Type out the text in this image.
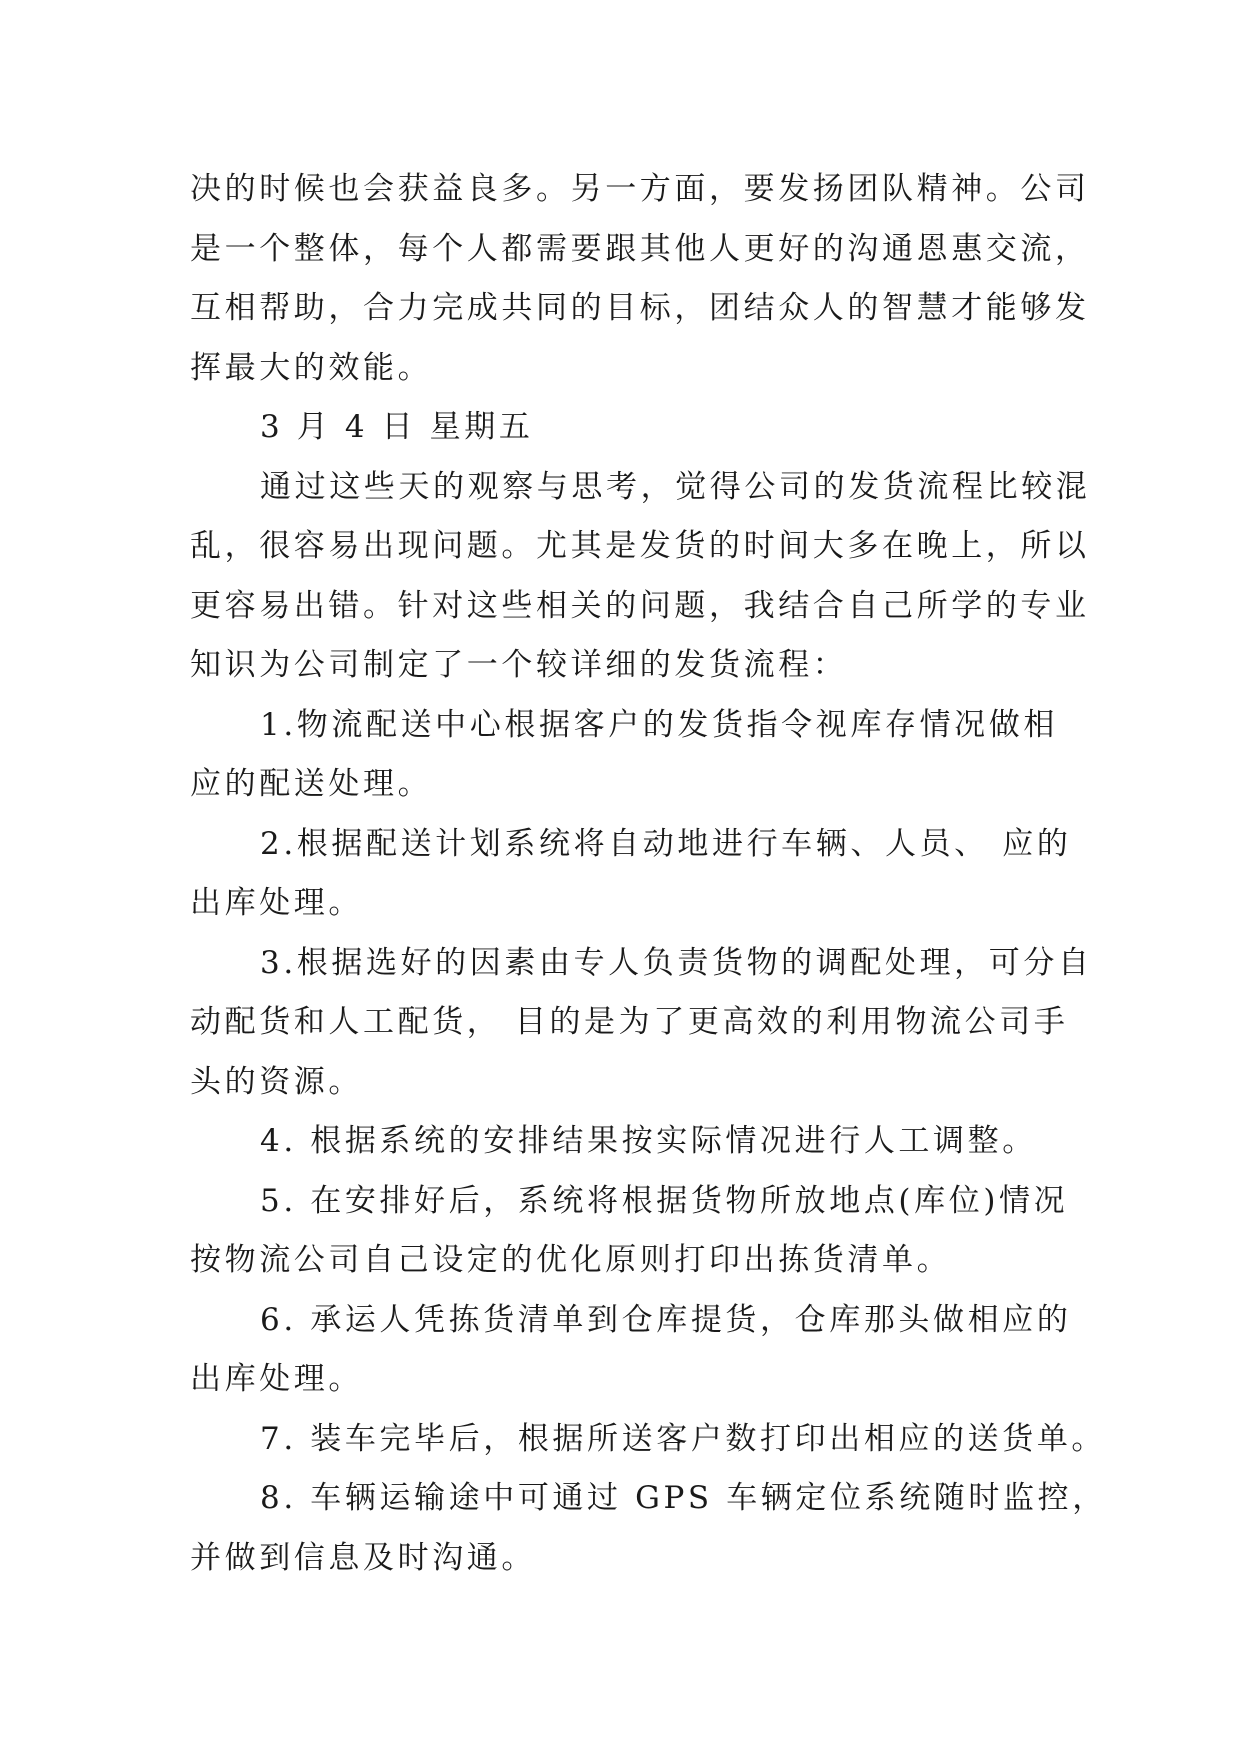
决的时候也会获益良多。另一方面，要发扬团队精神。公司
是一个整体，每个人都需要跟其他人更好的沟通恩惠交流，
互相帮助，合力完成共同的目标，团结众人的智慧才能够发
挥最大的效能。
3 月 4 日 星期五
通过这些天的观察与思考，觉得公司的发货流程比较混
乱，很容易出现问题。尤其是发货的时间大多在晚上，所以
更容易出错。针对这些相关的问题，我结合自己所学的专业
知识为公司制定了一个较详细的发货流程：
1.物流配送中心根据客户的发货指令视库存情况做相
应的配送处理。
2.根据配送计划系统将自动地进行车辆、人员、 应的
出库处理。
3.根据选好的因素由专人负责货物的调配处理，可分自
动配货和人工配货， 目的是为了更高效的利用物流公司手
头的资源。
4. 根据系统的安排结果按实际情况进行人工调整。
5. 在安排好后，系统将根据货物所放地点(库位)情况
按物流公司自己设定的优化原则打印出拣货清单。
6. 承运人凭拣货清单到仓库提货，仓库那头做相应的
出库处理。
7. 装车完毕后，根据所送客户数打印出相应的送货单。
8. 车辆运输途中可通过 GPS 车辆定位系统随时监控，
并做到信息及时沟通。
